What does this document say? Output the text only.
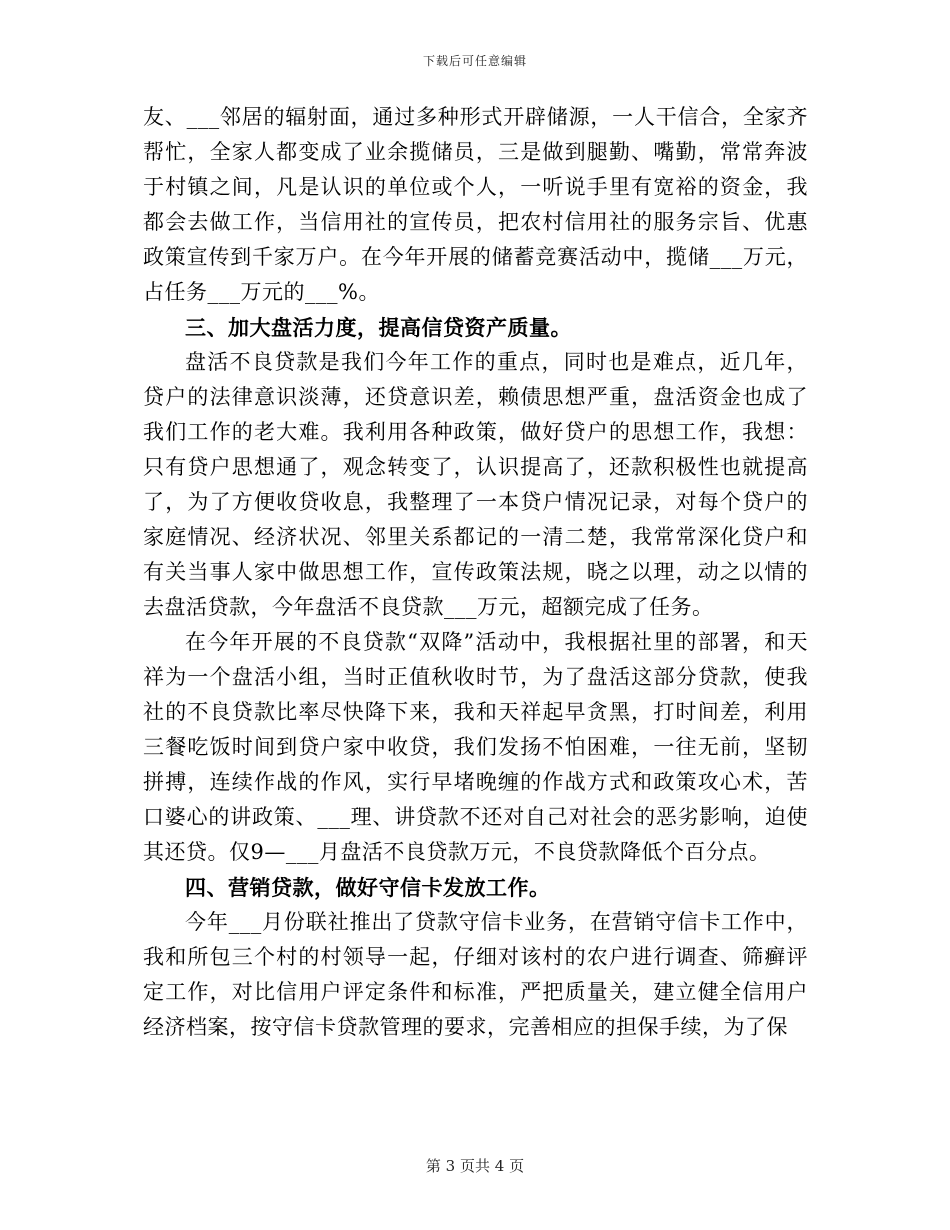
下载后可任意编辑

友、___邻居的辐射面，通过多种形式开辟储源，一人干信合，全家齐帮忙，全家人都变成了业余揽储员，三是做到腿勤、嘴勤，常常奔波于村镇之间，凡是认识的单位或个人，一听说手里有宽裕的资金，我都会去做工作，当信用社的宣传员，把农村信用社的服务宗旨、优惠政策宣传到千家万户。在今年开展的储蓄竞赛活动中，揽储___万元，占任务___万元的___%。

三、加大盘活力度，提高信贷资产质量。

盘活不良贷款是我们今年工作的重点，同时也是难点，近几年，贷户的法律意识淡薄，还贷意识差，赖债思想严重，盘活资金也成了我们工作的老大难。我利用各种政策，做好贷户的思想工作，我想：只有贷户思想通了，观念转变了，认识提高了，还款积极性也就提高了，为了方便收贷收息，我整理了一本贷户情况记录，对每个贷户的家庭情况、经济状况、邻里关系都记的一清二楚，我常常深化贷户和有关当事人家中做思想工作，宣传政策法规，晓之以理，动之以情的去盘活贷款，今年盘活不良贷款___万元，超额完成了任务。

在今年开展的不良贷款“双降”活动中，我根据社里的部署，和天祥为一个盘活小组，当时正值秋收时节，为了盘活这部分贷款，使我社的不良贷款比率尽快降下来，我和天祥起早贪黑，打时间差，利用三餐吃饭时间到贷户家中收贷，我们发扬不怕困难，一往无前，坚韧拼搏，连续作战的作风，实行早堵晚缠的作战方式和政策攻心术，苦口婆心的讲政策、___理、讲贷款不还对自己对社会的恶劣影响，迫使其还贷。仅9—___月盘活不良贷款万元，不良贷款降低个百分点。

四、营销贷款，做好守信卡发放工作。

今年___月份联社推出了贷款守信卡业务，在营销守信卡工作中，我和所包三个村的村领导一起，仔细对该村的农户进行调查、筛癣评定工作，对比信用户评定条件和标准，严把质量关，建立健全信用户经济档案，按守信卡贷款管理的要求，完善相应的担保手续，为了保

第 3 页共 4 页
